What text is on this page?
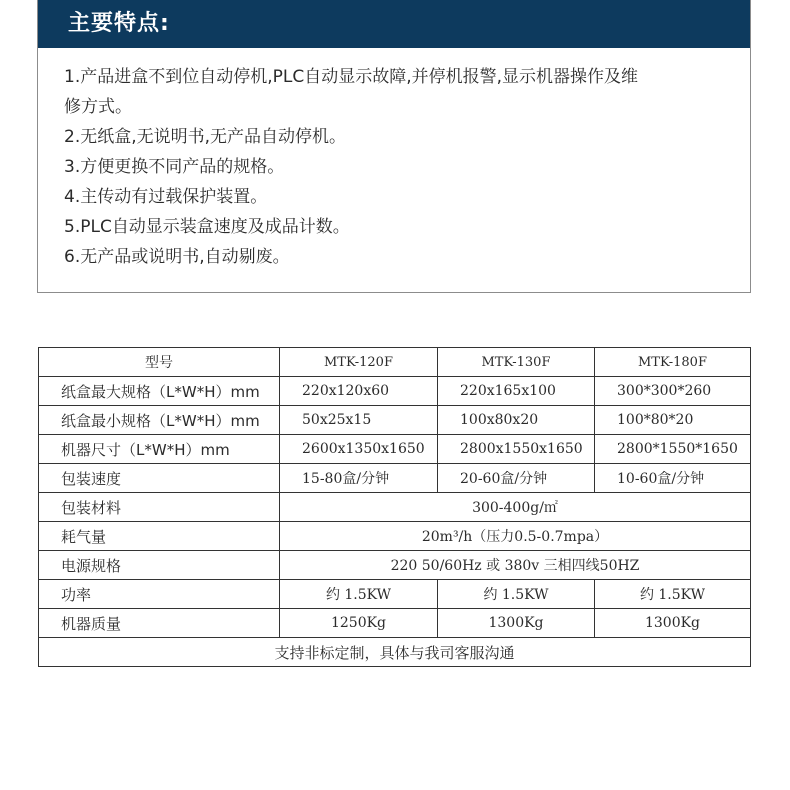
主要特点:
1.产品进盒不到位自动停机,PLC自动显示故障,并停机报警,显示机器操作及维
修方式。
2.无纸盒,无说明书,无产品自动停机。
3.方便更换不同产品的规格。
4.主传动有过载保护装置。
5.PLC自动显示装盒速度及成品计数。
6.无产品或说明书,自动剔废。
型号	MTK-120F	MTK-130F	MTK-180F
纸盒最大规格（L*W*H）mm	220x120x60	220x165x100	300*300*260
纸盒最小规格（L*W*H）mm	50x25x15	100x80x20	100*80*20
机器尺寸（L*W*H）mm	2600x1350x1650	2800x1550x1650	2800*1550*1650
包装速度	15-80盒/分钟	20-60盒/分钟	10-60盒/分钟
包装材料	300-400g/㎡		
耗气量	20m³/h（压力0.5-0.7mpa）		
电源规格	220 50/60Hz 或 380v 三相四线50HZ		
功率	约 1.5KW	约 1.5KW	约 1.5KW
机器质量	1250Kg	1300Kg	1300Kg
支持非标定制，具体与我司客服沟通			
